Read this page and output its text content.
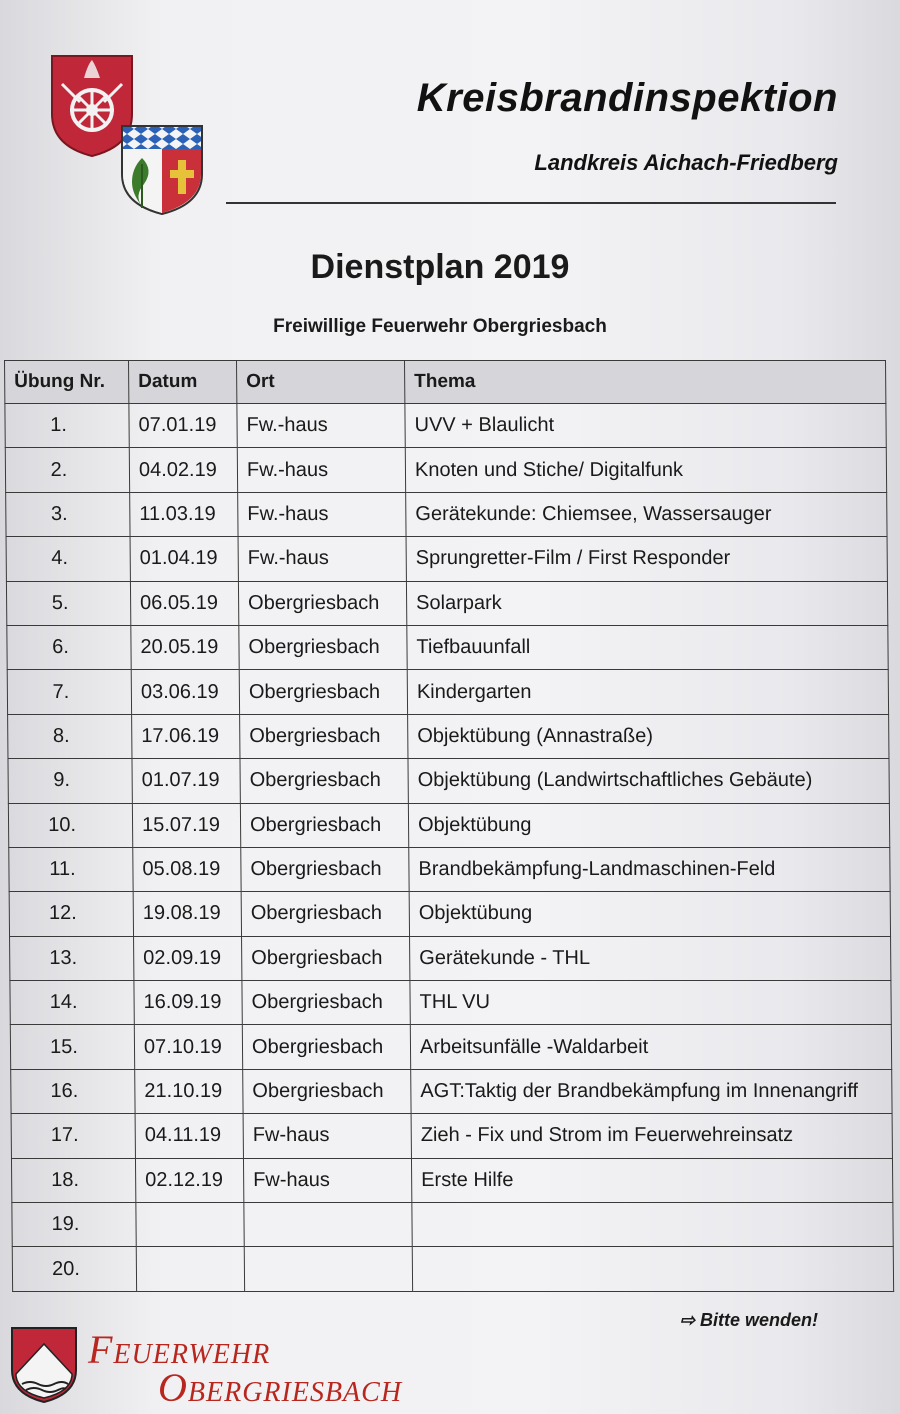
Kreisbrandinspektion

Landkreis Aichach-Friedberg

Dienstplan 2019

Freiwillige Feuerwehr Obergriesbach

Übung Nr.	Datum	Ort	Thema
1.	07.01.19	Fw.-haus	UVV + Blaulicht
2.	04.02.19	Fw.-haus	Knoten und Stiche/ Digitalfunk
3.	11.03.19	Fw.-haus	Gerätekunde: Chiemsee, Wassersauger
4.	01.04.19	Fw.-haus	Sprungretter-Film / First Responder
5.	06.05.19	Obergriesbach	Solarpark
6.	20.05.19	Obergriesbach	Tiefbauunfall
7.	03.06.19	Obergriesbach	Kindergarten
8.	17.06.19	Obergriesbach	Objektübung (Annastraße)
9.	01.07.19	Obergriesbach	Objektübung (Landwirtschaftliches Gebäute)
10.	15.07.19	Obergriesbach	Objektübung
11.	05.08.19	Obergriesbach	Brandbekämpfung-Landmaschinen-Feld
12.	19.08.19	Obergriesbach	Objektübung
13.	02.09.19	Obergriesbach	Gerätekunde - THL
14.	16.09.19	Obergriesbach	THL VU
15.	07.10.19	Obergriesbach	Arbeitsunfälle -Waldarbeit
16.	21.10.19	Obergriesbach	AGT:Taktig der Brandbekämpfung im Innenangriff
17.	04.11.19	Fw-haus	Zieh - Fix und Strom im Feuerwehreinsatz
18.	02.12.19	Fw-haus	Erste Hilfe
19.			
20.			

⇨ Bitte wenden!

Feuerwehr

Obergriesbach
